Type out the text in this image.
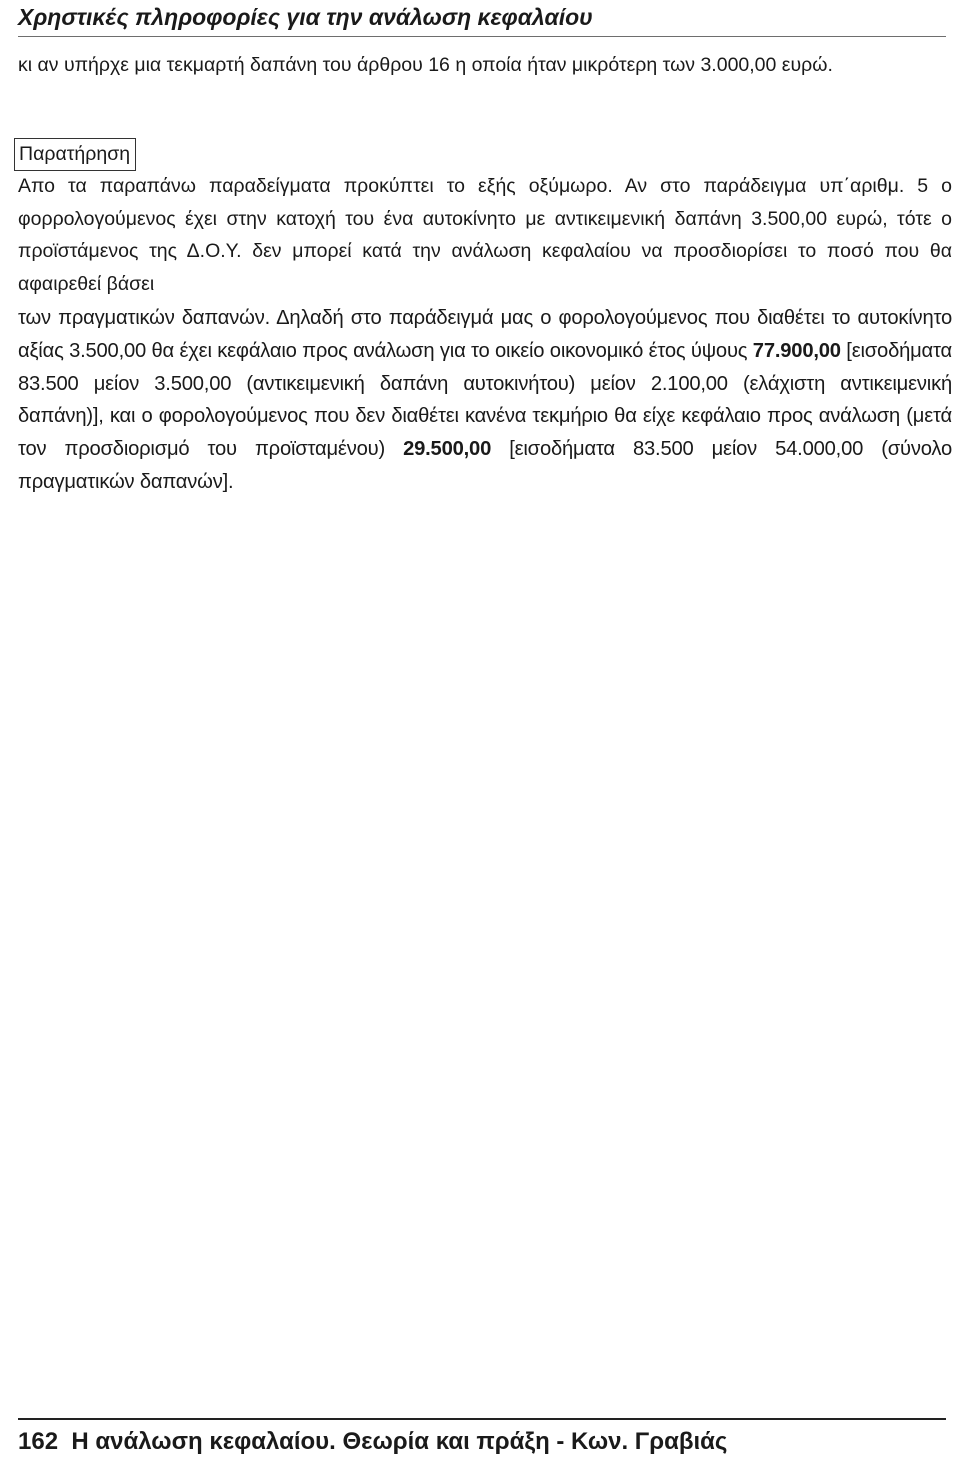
Χρηστικές πληροφορίες για την ανάλωση κεφαλαίου
κι αν υπήρχε μια τεκμαρτή δαπάνη του άρθρου 16 η οποία ήταν μικρότερη των 3.000,00 ευρώ.
Παρατήρηση
Απο τα παραπάνω παραδείγματα προκύπτει το εξής οξύμωρο. Αν στο παράδειγμα υπ΄αριθμ. 5 ο φορρολογούμενος έχει στην κατοχή του ένα αυτοκίνητο με αντικειμενική δαπάνη 3.500,00 ευρώ, τότε ο προϊστάμενος της Δ.Ο.Υ. δεν μπορεί κατά την ανάλωση κεφαλαίου να προσδιορίσει το ποσό που θα αφαιρεθεί βάσει
των πραγματικών δαπανών. Δηλαδή στο παράδειγμά μας ο φορολογούμενος που διαθέτει το αυτοκίνητο αξίας 3.500,00 θα έχει κεφάλαιο προς ανάλωση για το οικείο οικονομικό έτος ύψους 77.900,00 [εισοδήματα 83.500 μείον 3.500,00 (αντικειμενική δαπάνη αυτοκινήτου) μείον 2.100,00 (ελάχιστη αντικειμενική δαπάνη)], και ο φορολογούμενος που δεν διαθέτει κανένα τεκμήριο θα είχε κεφάλαιο προς ανάλωση (μετά τον προσδιορισμό του προϊσταμένου) 29.500,00 [εισοδήματα 83.500 μείον 54.000,00 (σύνολο πραγματικών δαπανών].
162 Η ανάλωση κεφαλαίου. Θεωρία και πράξη - Κων. Γραβιάς
